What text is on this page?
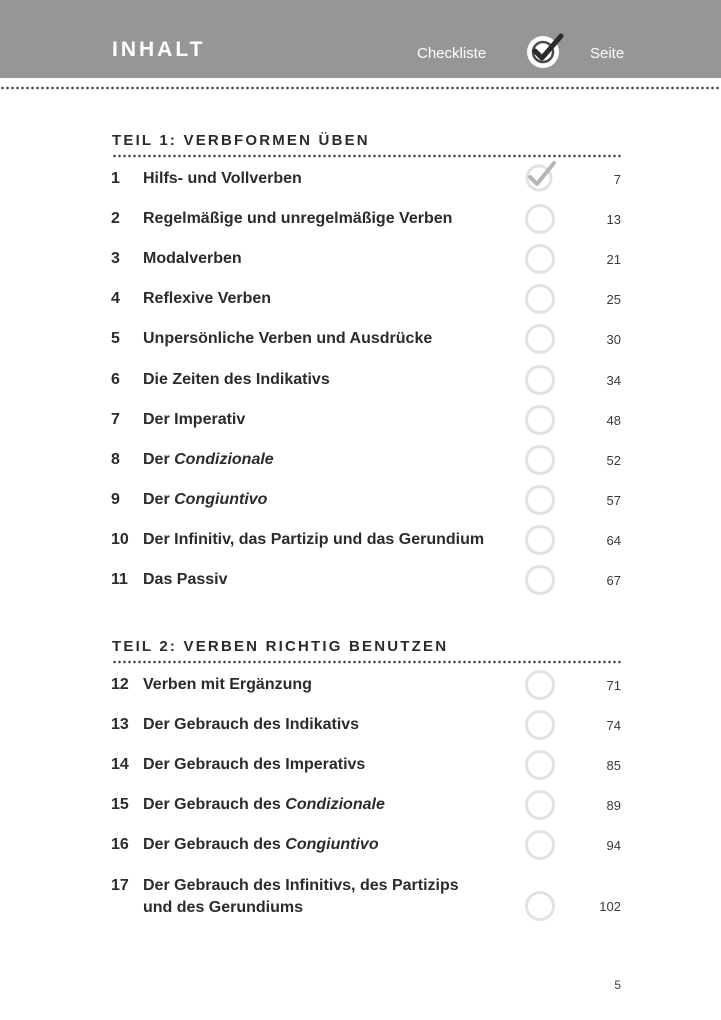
INHALT	Checkliste	Seite
TEIL 1: VERBFORMEN ÜBEN
1 Hilfs- und Vollverben	7
2 Regelmäßige und unregelmäßige Verben	13
3 Modalverben	21
4 Reflexive Verben	25
5 Unpersönliche Verben und Ausdrücke	30
6 Die Zeiten des Indikativs	34
7 Der Imperativ	48
8 Der Condizionale	52
9 Der Congiuntivo	57
10 Der Infinitiv, das Partizip und das Gerundium	64
11 Das Passiv	67
TEIL 2: VERBEN RICHTIG BENUTZEN
12 Verben mit Ergänzung	71
13 Der Gebrauch des Indikativs	74
14 Der Gebrauch des Imperativs	85
15 Der Gebrauch des Condizionale	89
16 Der Gebrauch des Congiuntivo	94
17 Der Gebrauch des Infinitivs, des Partizips
und des Gerundiums	102
5
